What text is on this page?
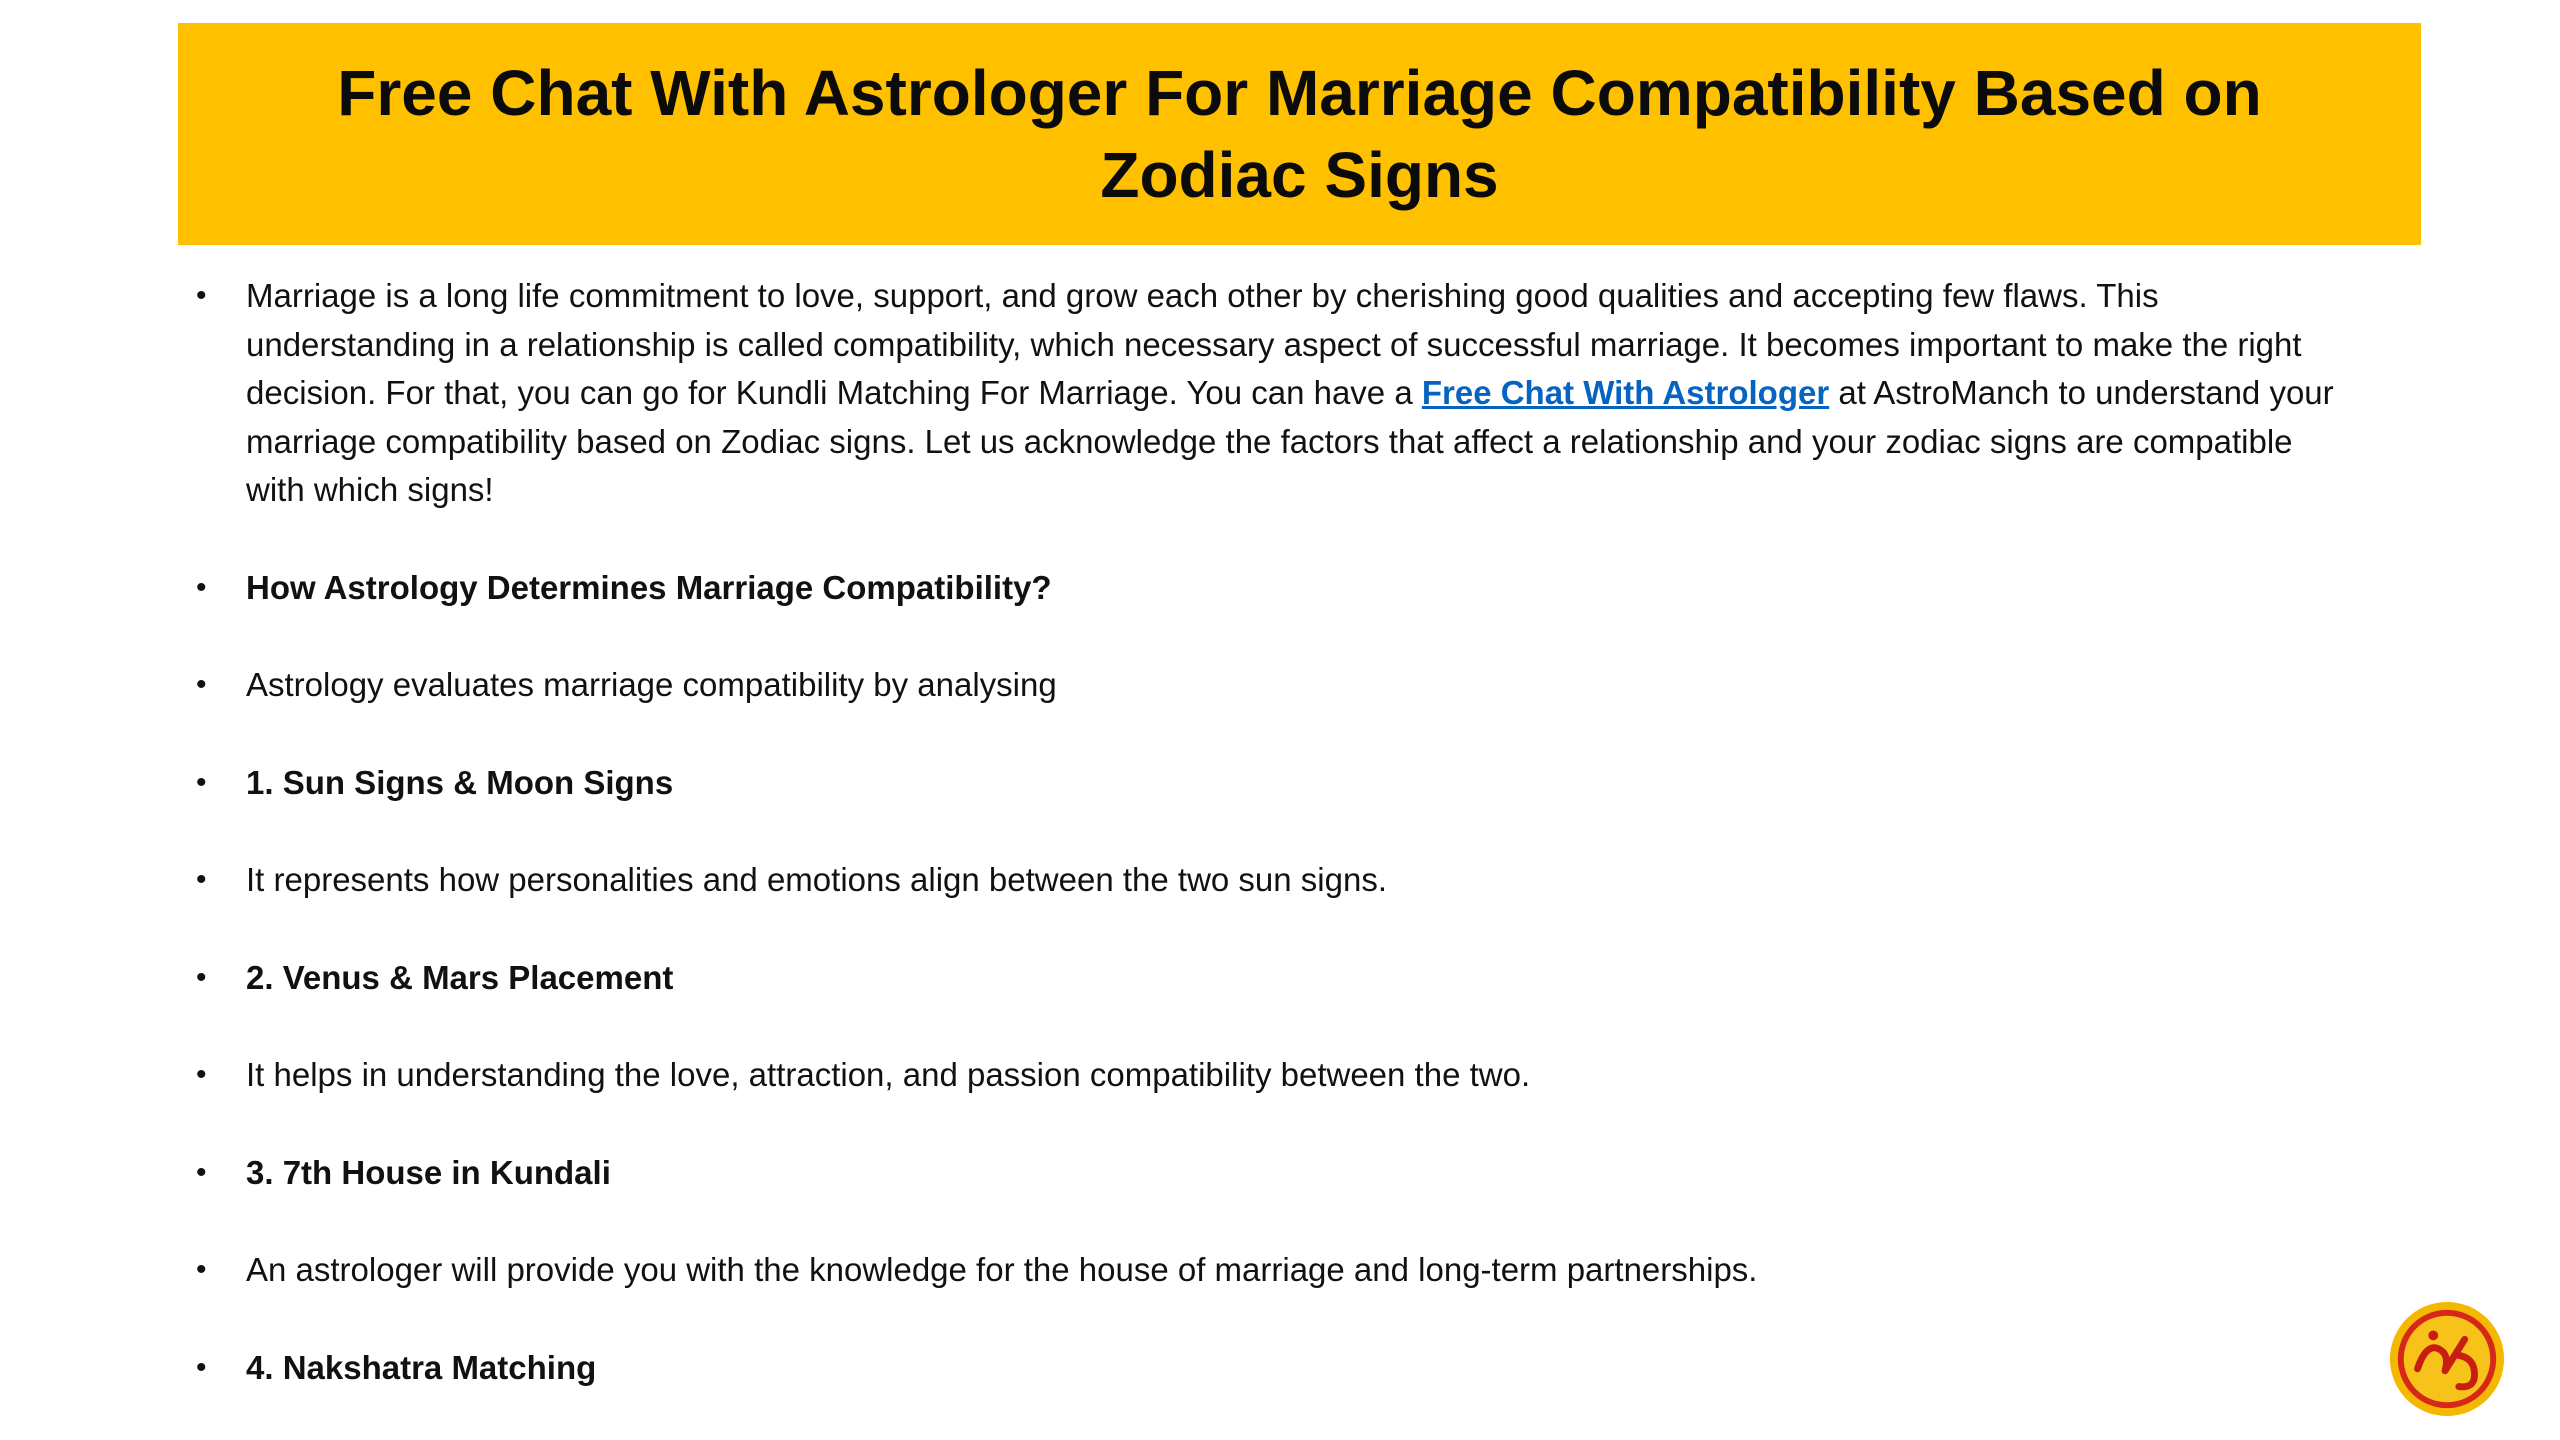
Free Chat With Astrologer For Marriage Compatibility Based on Zodiac Signs
• Marriage is a long life commitment to love, support, and grow each other by cherishing good qualities and accepting few flaws. This understanding in a relationship is called compatibility, which necessary aspect of successful marriage. It becomes important to make the right decision. For that, you can go for Kundli Matching For Marriage. You can have a Free Chat With Astrologer at AstroManch to understand your marriage compatibility based on Zodiac signs. Let us acknowledge the factors that affect a relationship and your zodiac signs are compatible with which signs!
• How Astrology Determines Marriage Compatibility?
• Astrology evaluates marriage compatibility by analysing
• 1. Sun Signs & Moon Signs
• It represents how personalities and emotions align between the two sun signs.
• 2. Venus & Mars Placement
• It helps in understanding the love, attraction, and passion compatibility between the two.
• 3. 7th House in Kundali
• An astrologer will provide you with the knowledge for the house of marriage and long-term partnerships.
• 4. Nakshatra Matching
